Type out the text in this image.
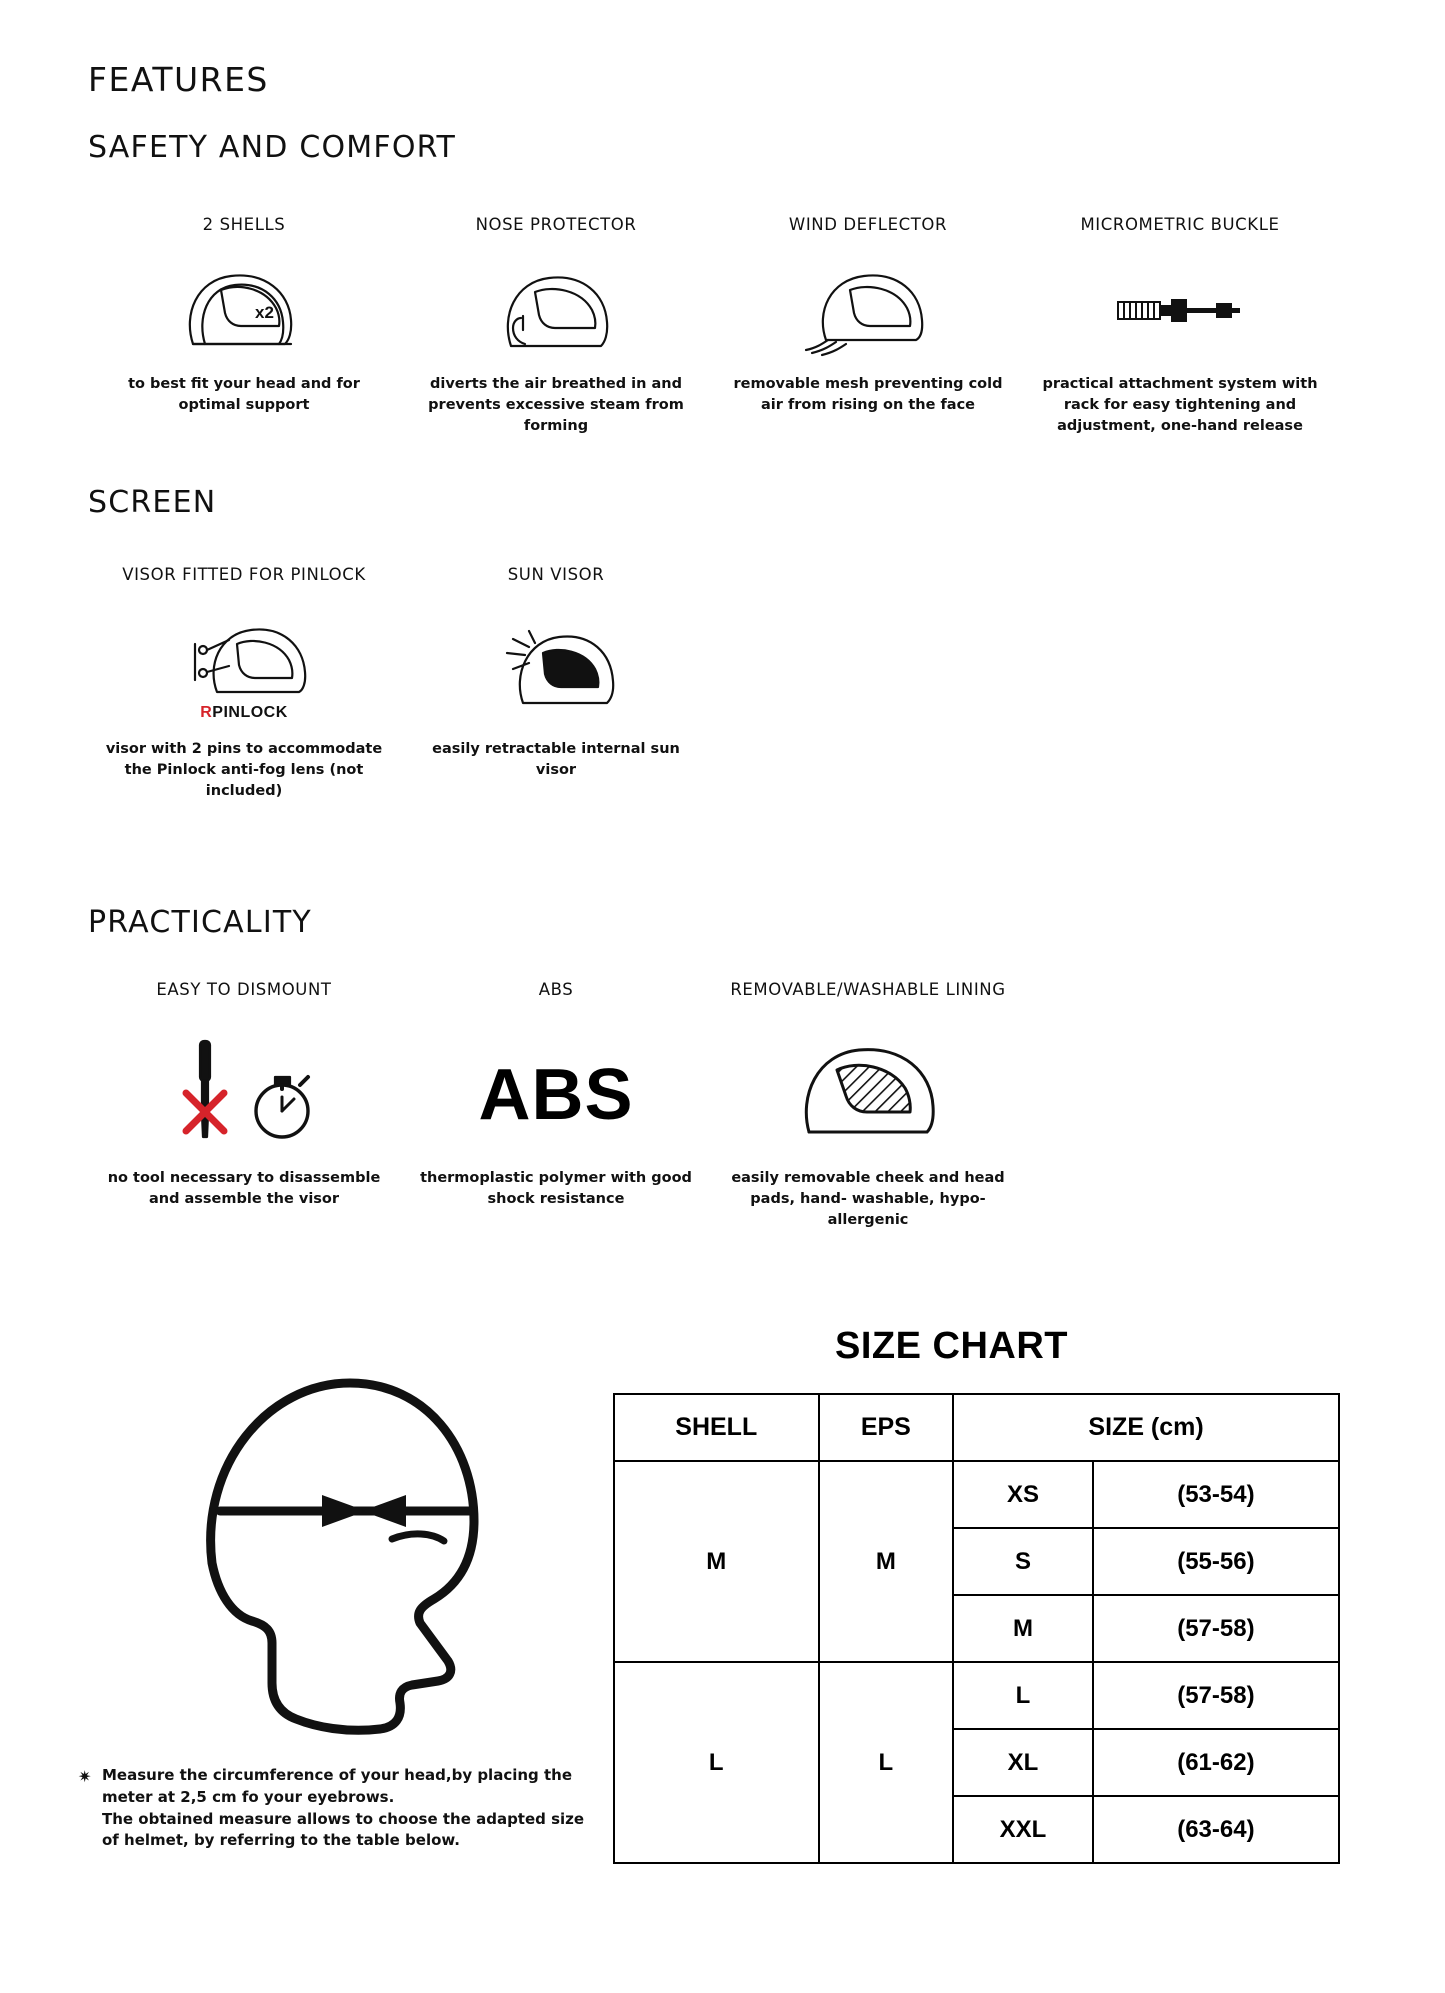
FEATURES
SAFETY AND COMFORT
SCREEN
PRACTICALITY
2 SHELLS
x2
to best fit your head and for optimal support
NOSE PROTECTOR
diverts the air breathed in and prevents excessive steam from forming
WIND DEFLECTOR
removable mesh preventing cold air from rising on the face
MICROMETRIC BUCKLE
practical attachment system with rack for easy tightening and adjustment, one-hand release
VISOR FITTED FOR PINLOCK
RPINLOCK
visor with 2 pins to accommodate the Pinlock anti-fog lens (not included)
SUN VISOR
easily retractable internal sun visor
EASY TO DISMOUNT
no tool necessary to disassemble and assemble the visor
ABS
ABS
thermoplastic polymer with good shock resistance
REMOVABLE/WASHABLE LINING
easily removable cheek and head pads, hand- washable, hypo-allergenic
✷ Measure the circumference of your head,by placing the
meter at 2,5 cm fo your eyebrows.
The obtained measure allows to choose the adapted size
of helmet, by referring to the table below.
SIZE CHART
SHELL	EPS	SIZE (cm)	
M	M	XS	(53-54)
		S	(55-56)
		M	(57-58)
L	L	L	(57-58)
		XL	(61-62)
		XXL	(63-64)
